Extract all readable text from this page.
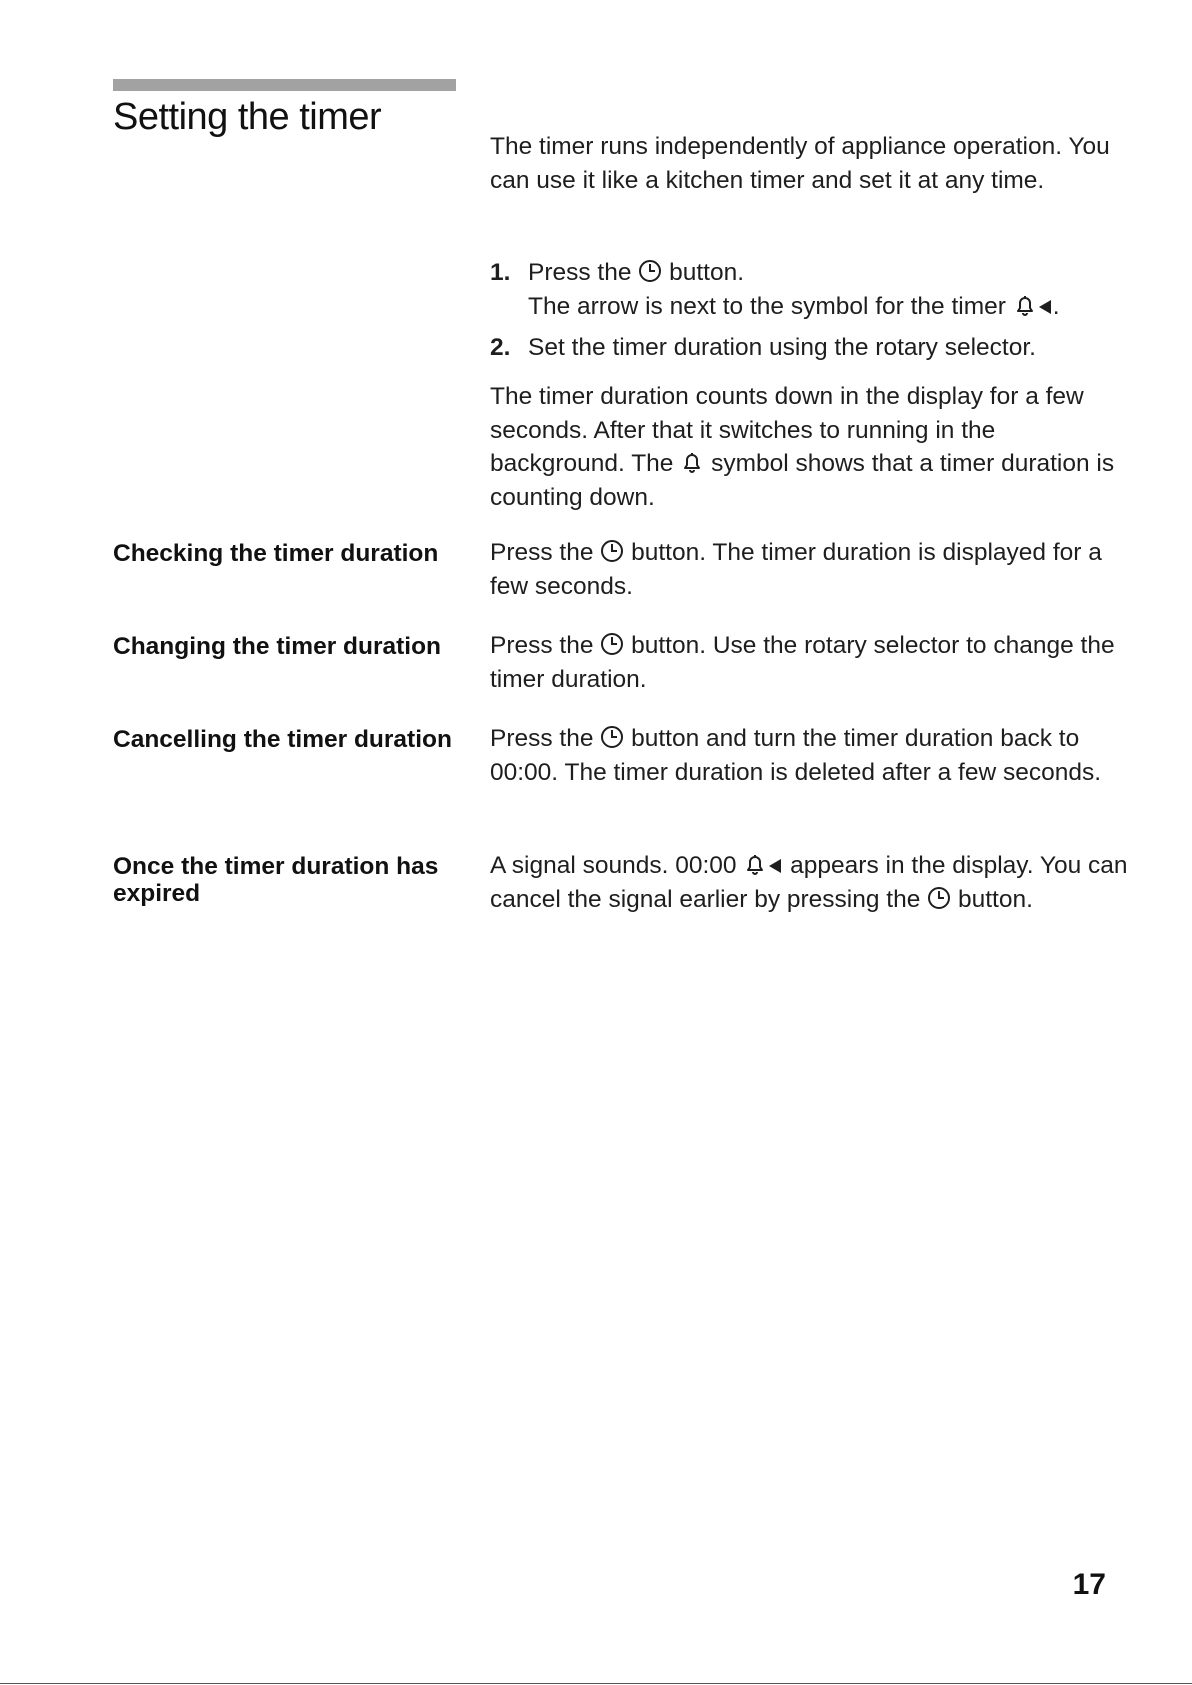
Setting the timer

The timer runs independently of appliance operation. You can use it like a kitchen timer and set it at any time.

1. Press the button.
The arrow is next to the symbol for the timer .
2. Set the timer duration using the rotary selector.

The timer duration counts down in the display for a few seconds. After that it switches to running in the background. The symbol shows that a timer duration is counting down.

Checking the timer duration	Press the button. The timer duration is displayed for a few seconds.

Changing the timer duration	Press the button. Use the rotary selector to change the timer duration.

Cancelling the timer duration Press the button and turn the timer duration back to 00:00. The timer duration is deleted after a few seconds.

Once the timer duration has expired

A signal sounds. 00:00 appears in the display. You can cancel the signal earlier by pressing the button.

17
